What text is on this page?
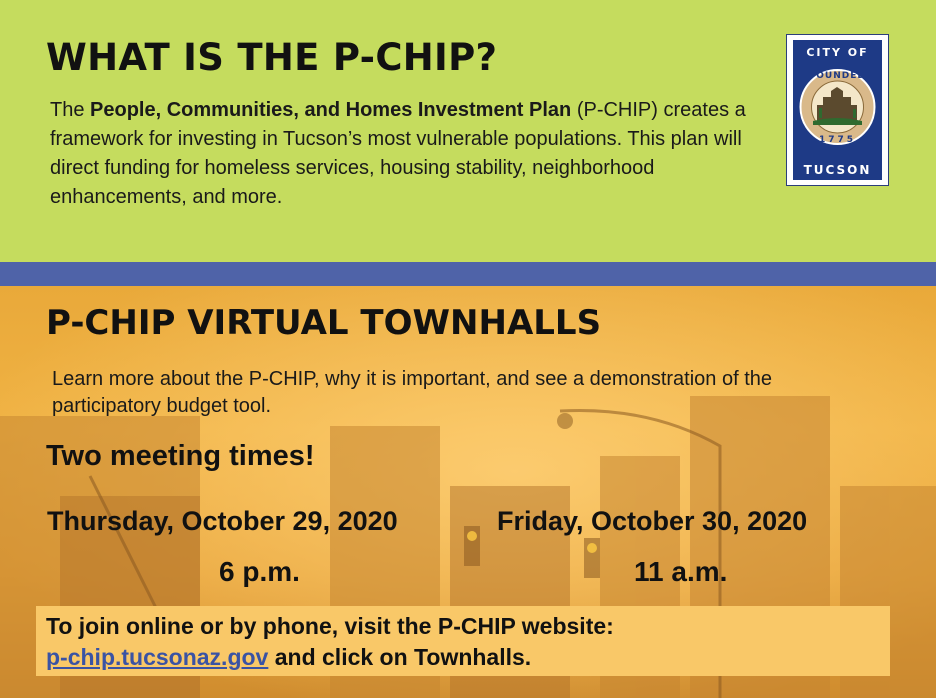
WHAT IS THE P-CHIP?

The People, Communities, and Homes Investment Plan (P-CHIP) creates a framework for investing in Tucson’s most vulnerable populations. This plan will direct funding for homeless services, housing stability, neighborhood enhancements, and more.

CITY OF
FOUNDED
1775
TUCSON
P-CHIP VIRTUAL TOWNHALLS

Learn more about the P-CHIP, why it is important, and see a demonstration of the participatory budget tool.

Two meeting times!

Thursday, October 29, 2020	Friday, October 30, 2020
6 p.m.	11 a.m.
To join online or by phone, visit the P-CHIP website:
p-chip.tucsonaz.gov and click on Townhalls.
